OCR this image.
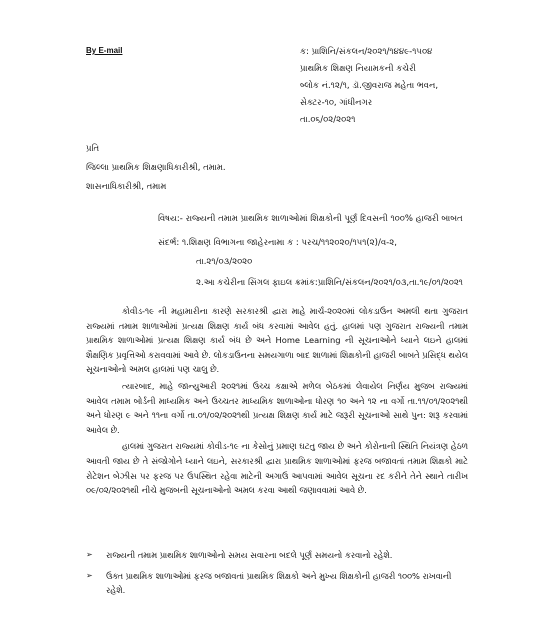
By E-mail	ક: પ્રાશિનિ/સંકલન/૨૦૨૧/૧૪૪૯-૧૫૦૪
પ્રાથમિક શિક્ષણ નિયામકની કચેરી
બ્લોક નં.૧૨/૧, ડૉ.જીવરાજ મહેતા ભવન,
સેક્ટર-૧૦, ગાંધીનગર
તા.૦૬/૦૨/૨૦૨૧
પ્રતિ
જિલ્લા પ્રાથમિક શિક્ષણાધિકારીશ્રી, તમામ.
શાસનાધિકારીશ્રી, તમામ
વિષય:- રાજ્યની તમામ પ્રાથમિક શાળાઓમાં શિક્ષકોની પૂર્ણ દિવસની ૧૦૦% હાજરી બાબત
સંદર્ભ: ૧.શિક્ષણ વિભાગના જાહેરનામા ક : પરચ/૧૧૨૦૨૦/૧૫૧(૨)/વ-૨,
તા.૨૧/૦૩/૨૦૨૦
૨.આ કચેરીના સિંગલ ફાઇલ ક્રમાંક:પ્રાશિનિ/સંકલન/૨૦૨૧/૦૩,તા.૧૯/૦૧/૨૦૨૧

કોવીડ-૧૯ ની મહામારીના કારણે સરકારશ્રી દ્વારા માહે માર્ચ-૨૦૨૦માં લોકડાઉન અમલી થતા ગુજરાત રાજ્યમાં તમામ શાળાઓમાં પ્રત્યક્ષ શિક્ષણ કાર્ય બંધ કરવામાં આવેલ હતું. હાલમાં પણ ગુજરાત રાજ્યની તમામ પ્રાથમિક શાળાઓમાં પ્રત્યક્ષ શિક્ષણ કાર્ય બંધ છે અને Home Learning ની સૂચનાઓને ધ્યાને લઇને હાલમાં શૈક્ષણિક પ્રવૃત્તિઓ કરાવવામાં આવે છે. લોકડાઉનના સમયગાળા બાદ શાળામાં શિક્ષકોની હાજરી બાબતે પ્રસિદ્ધ થયેલ સૂચનાઓનો અમલ હાલમાં પણ ચાલુ છે.

ત્યારબાદ, માહે જાન્યુઆરી ૨૦૨૧માં ઉચ્ચ કક્ષાએ મળેલ બેઠકમાં લેવાયેલ નિર્ણય મુજબ રાજ્યમાં આવેલ તમામ બોર્ડની માધ્યમિક અને ઉચ્ચતર માધ્યમિક શાળાઓના ધોરણ ૧૦ અને ૧૨ ના વર્ગો તા.૧૧/૦૧/૨૦૨૧થી અને ધોરણ ૯ અને ૧૧ના વર્ગો તા.૦૧/૦૨/૨૦૨૧થી પ્રત્યક્ષ શિક્ષણ કાર્ય માટે જરૂરી સૂચનાઓ સાથે પુન: શરૂ કરવામાં આવેલ છે.

હાલમાં ગુજરાત રાજ્યમાં કોવીડ-૧૯ ના કેસોનું પ્રમાણ ઘટતુ જાય છે અને કોરોનાની સ્થિતિ નિયંત્રણ હેઠળ આવતી જાય છે તે સંજોગોને ધ્યાને લઇને, સરકારશ્રી દ્વારા પ્રાથમિક શાળાઓમાં ફરજ બજાવતાં તમામ શિક્ષકો માટે રોટેશન બેઝીસ પર ફરજ પર ઉપસ્થિત રહેવા માટેની અગાઉ આપવામાં આવેલ સૂચના રદ કરીને તેને સ્થાને તારીખ ૦૯/૦૨/૨૦૨૧થી નીચે મુજબની સૂચનાઓનો અમલ કરવા આથી જણાવવામાં આવે છે.

➢	રાજ્યની તમામ પ્રાથમિક શાળાઓનો સમય સવારના બદલે પૂર્ણ સમયનો કરવાનો રહેશે.
➢	ઉક્ત પ્રાથમિક શાળાઓમાં ફરજ બજાવતાં પ્રાથમિક શિક્ષકો અને મુખ્ય શિક્ષકોની હાજરી ૧૦૦% રાખવાની રહેશે.
